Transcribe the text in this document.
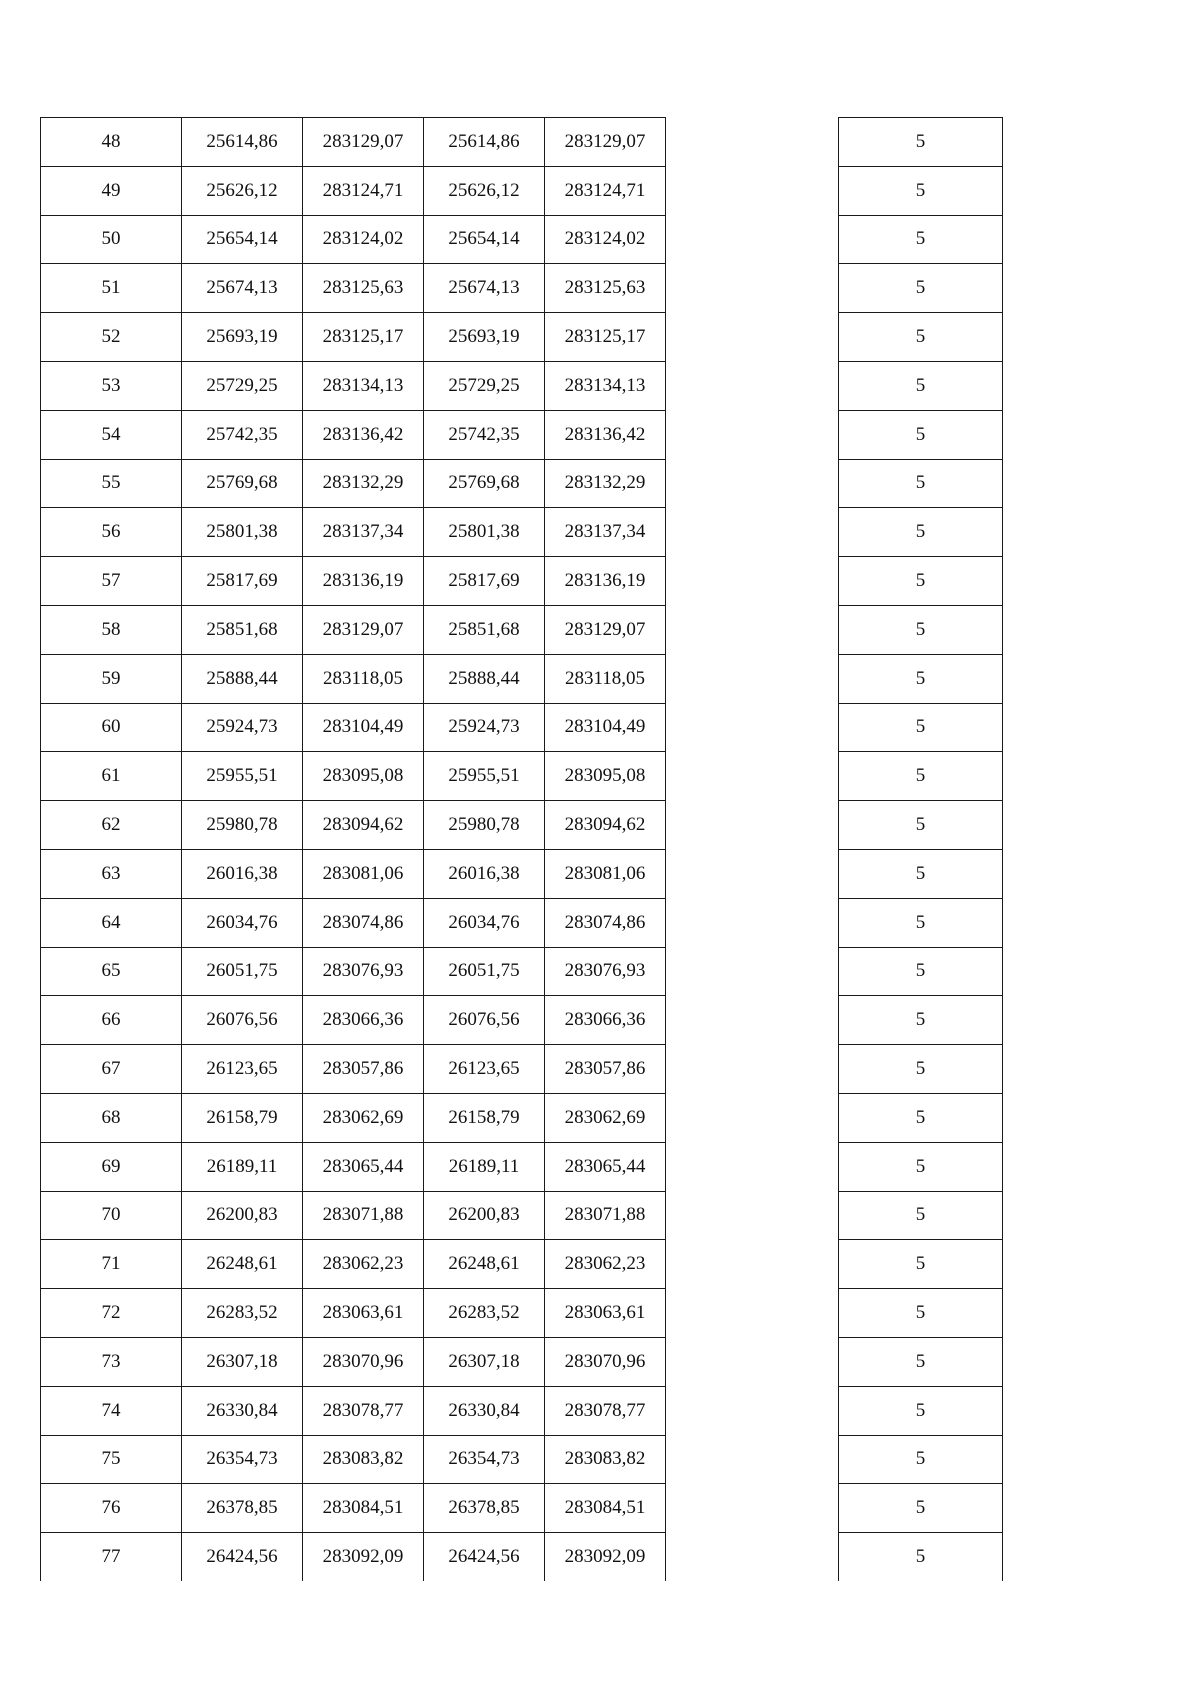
48	25614,86	283129,07	25614,86	283129,07		5	
49	25626,12	283124,71	25626,12	283124,71		5	
50	25654,14	283124,02	25654,14	283124,02		5	
51	25674,13	283125,63	25674,13	283125,63		5	
52	25693,19	283125,17	25693,19	283125,17		5	
53	25729,25	283134,13	25729,25	283134,13		5	
54	25742,35	283136,42	25742,35	283136,42		5	
55	25769,68	283132,29	25769,68	283132,29		5	
56	25801,38	283137,34	25801,38	283137,34		5	
57	25817,69	283136,19	25817,69	283136,19		5	
58	25851,68	283129,07	25851,68	283129,07		5	
59	25888,44	283118,05	25888,44	283118,05		5	
60	25924,73	283104,49	25924,73	283104,49		5	
61	25955,51	283095,08	25955,51	283095,08		5	
62	25980,78	283094,62	25980,78	283094,62		5	
63	26016,38	283081,06	26016,38	283081,06		5	
64	26034,76	283074,86	26034,76	283074,86		5	
65	26051,75	283076,93	26051,75	283076,93		5	
66	26076,56	283066,36	26076,56	283066,36		5	
67	26123,65	283057,86	26123,65	283057,86		5	
68	26158,79	283062,69	26158,79	283062,69		5	
69	26189,11	283065,44	26189,11	283065,44		5	
70	26200,83	283071,88	26200,83	283071,88		5	
71	26248,61	283062,23	26248,61	283062,23		5	
72	26283,52	283063,61	26283,52	283063,61		5	
73	26307,18	283070,96	26307,18	283070,96		5	
74	26330,84	283078,77	26330,84	283078,77		5	
75	26354,73	283083,82	26354,73	283083,82		5	
76	26378,85	283084,51	26378,85	283084,51		5	
77	26424,56	283092,09	26424,56	283092,09		5	
